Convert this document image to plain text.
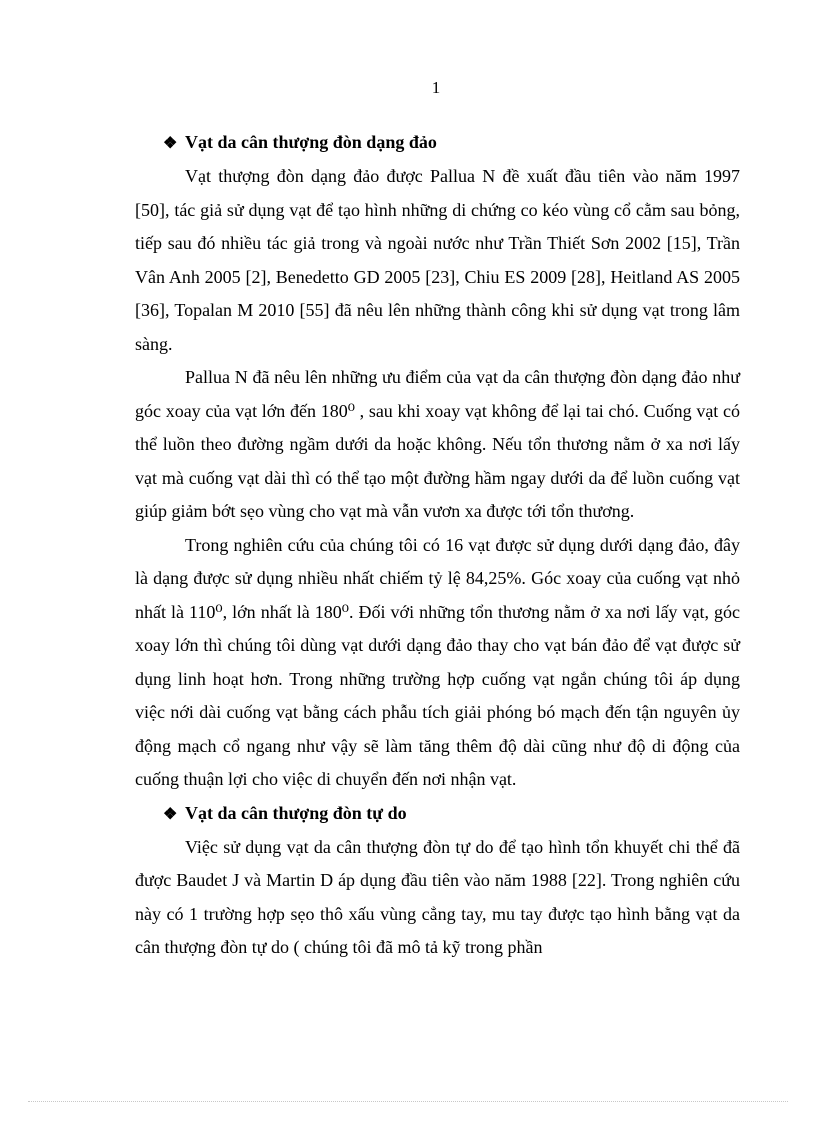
1
❖ Vạt da cân thượng đòn dạng đảo

Vạt thượng đòn dạng đảo được Pallua N đề xuất đầu tiên vào năm 1997 [50], tác giả sử dụng vạt để tạo hình những di chứng co kéo vùng cổ cằm sau bỏng, tiếp sau đó nhiều tác giả trong và ngoài nước như Trần Thiết Sơn 2002 [15], Trần Vân Anh 2005 [2], Benedetto GD 2005 [23], Chiu ES 2009 [28], Heitland AS 2005 [36], Topalan M 2010 [55] đã nêu lên những thành công khi sử dụng vạt trong lâm sàng.

Pallua N đã nêu lên những ưu điểm của vạt da cân thượng đòn dạng đảo như góc xoay của vạt lớn đến 180⁰ , sau khi xoay vạt không để lại tai chó. Cuống vạt có thể luồn theo đường ngầm dưới da hoặc không. Nếu tổn thương nằm ở xa nơi lấy vạt mà cuống vạt dài thì có thể tạo một đường hầm ngay dưới da để luồn cuống vạt giúp giảm bớt sẹo vùng cho vạt mà vẫn vươn xa được tới tổn thương.

Trong nghiên cứu của chúng tôi có 16 vạt được sử dụng dưới dạng đảo, đây là dạng được sử dụng nhiều nhất chiếm tỷ lệ 84,25%. Góc xoay của cuống vạt nhỏ nhất là 110⁰, lớn nhất là 180⁰. Đối với những tổn thương nằm ở xa nơi lấy vạt, góc xoay lớn thì chúng tôi dùng vạt dưới dạng đảo thay cho vạt bán đảo để vạt được sử dụng linh hoạt hơn. Trong những trường hợp cuống vạt ngắn chúng tôi áp dụng việc nới dài cuống vạt bằng cách phẫu tích giải phóng bó mạch đến tận nguyên ủy động mạch cổ ngang như vậy sẽ làm tăng thêm độ dài cũng như độ di động của cuống thuận lợi cho việc di chuyển đến nơi nhận vạt.

❖ Vạt da cân thượng đòn tự do

Việc sử dụng vạt da cân thượng đòn tự do để tạo hình tổn khuyết chi thể đã được Baudet J và Martin D áp dụng đầu tiên vào năm 1988 [22]. Trong nghiên cứu này có 1 trường hợp sẹo thô xấu vùng cẳng tay, mu tay được tạo hình bằng vạt da cân thượng đòn tự do ( chúng tôi đã mô tả kỹ trong phần
